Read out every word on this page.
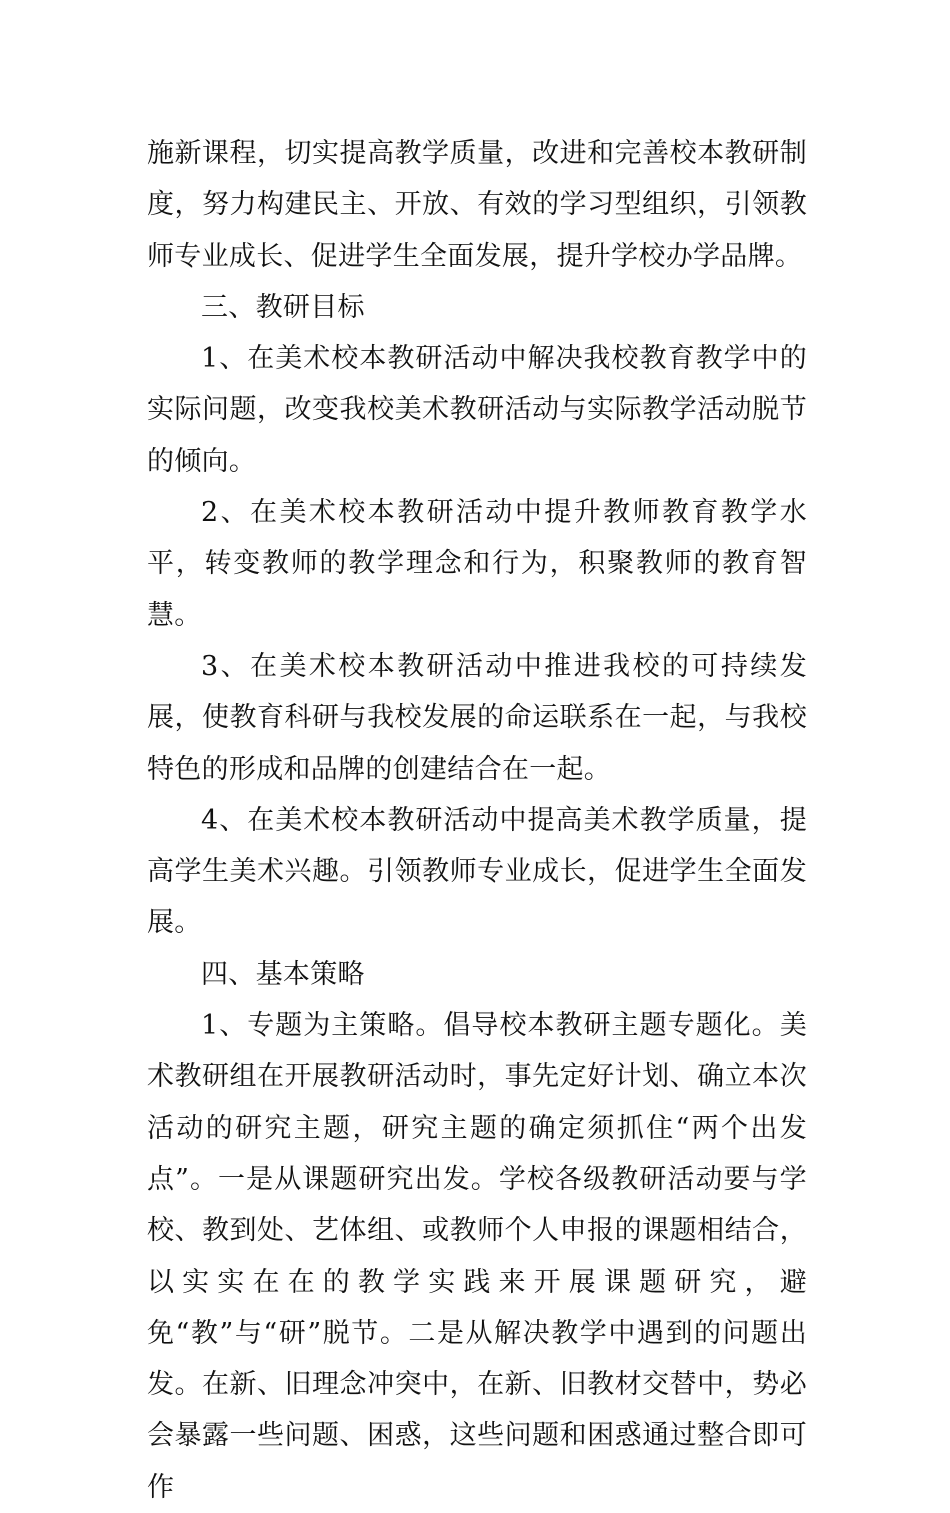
施新课程，切实提高教学质量，改进和完善校本教研制度，努力构建民主、开放、有效的学习型组织，引领教师专业成长、促进学生全面发展，提升学校办学品牌。

三、教研目标

1、在美术校本教研活动中解决我校教育教学中的实际问题，改变我校美术教研活动与实际教学活动脱节的倾向。

2、在美术校本教研活动中提升教师教育教学水平，转变教师的教学理念和行为，积聚教师的教育智慧。

3、在美术校本教研活动中推进我校的可持续发展，使教育科研与我校发展的命运联系在一起，与我校特色的形成和品牌的创建结合在一起。

4、在美术校本教研活动中提高美术教学质量，提高学生美术兴趣。引领教师专业成长，促进学生全面发展。

四、基本策略

1、专题为主策略。倡导校本教研主题专题化。美术教研组在开展教研活动时，事先定好计划、确立本次活动的研究主题，研究主题的确定须抓住“两个出发点”。一是从课题研究出发。学校各级教研活动要与学校、教到处、艺体组、或教师个人申报的课题相结合，以实实在在的教学实践来开展课题研究，避免“教”与“研”脱节。二是从解决教学中遇到的问题出发。在新、旧理念冲突中，在新、旧教材交替中，势必会暴露一些问题、困惑，这些问题和困惑通过整合即可作
